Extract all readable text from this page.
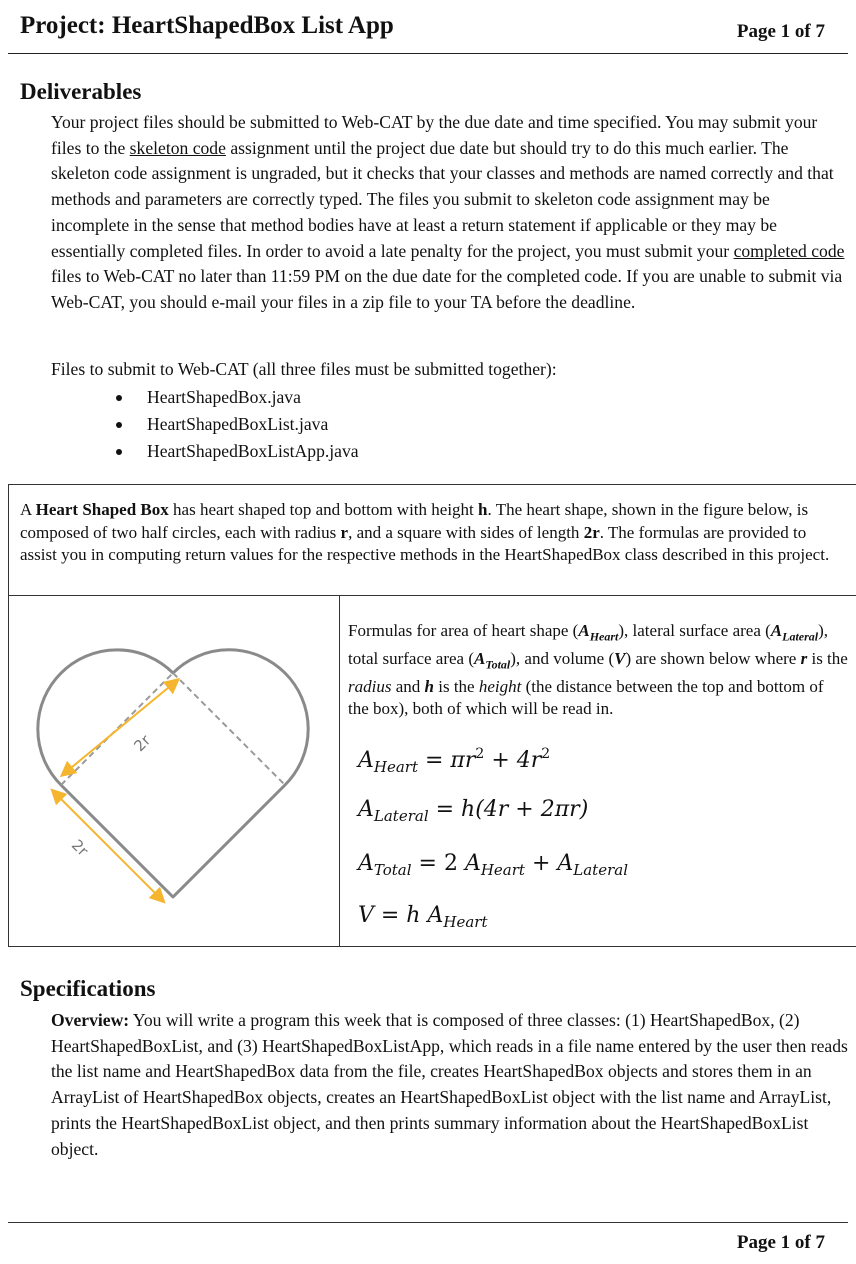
Project: HeartShapedBox List App	Page 1 of 7
Deliverables
Your project files should be submitted to Web-CAT by the due date and time specified. You may submit your files to the skeleton code assignment until the project due date but should try to do this much earlier. The skeleton code assignment is ungraded, but it checks that your classes and methods are named correctly and that methods and parameters are correctly typed. The files you submit to skeleton code assignment may be incomplete in the sense that method bodies have at least a return statement if applicable or they may be essentially completed files. In order to avoid a late penalty for the project, you must submit your completed code files to Web-CAT no later than 11:59 PM on the due date for the completed code. If you are unable to submit via Web-CAT, you should e-mail your files in a zip file to your TA before the deadline.
Files to submit to Web-CAT (all three files must be submitted together):
HeartShapedBox.java
HeartShapedBoxList.java
HeartShapedBoxListApp.java
A Heart Shaped Box has heart shaped top and bottom with height h. The heart shape, shown in the figure below, is composed of two half circles, each with radius r, and a square with sides of length 2r. The formulas are provided to assist you in computing return values for the respective methods in the HeartShapedBox class described in this project.
2r
2r
Formulas for area of heart shape $(A_{Heart})$, lateral surface area $(A_{Lateral})$, total surface area $(A_{Total})$, and volume (V) are shown below where r is the radius and h is the height (the distance between the top and bottom of the box), both of which will be read in.
$A_{Heart} = \pi r^2 + 4r^2$
$A_{Lateral} = h(4r + 2\pi r)$
$A_{Total} = 2$ $A_{Heart} + A_{Lateral}$
V = h $A_{Heart}$
Specifications
Overview: You will write a program this week that is composed of three classes: (1) HeartShapedBox, (2) HeartShapedBoxList, and (3) HeartShapedBoxListApp, which reads in a file name entered by the user then reads the list name and HeartShapedBox data from the file, creates HeartShapedBox objects and stores them in an ArrayList of HeartShapedBox objects, creates an HeartShapedBoxList object with the list name and ArrayList, prints the HeartShapedBoxList object, and then prints summary information about the HeartShapedBoxList object.
Page 1 of 7
